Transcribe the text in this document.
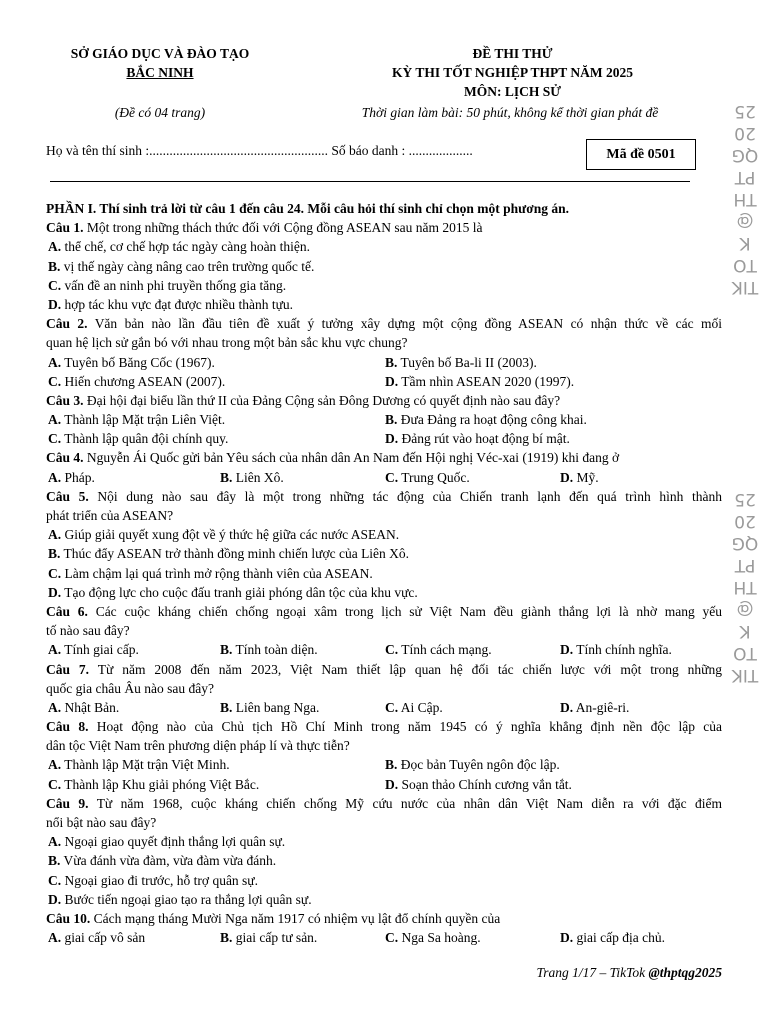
SỞ GIÁO DỤC VÀ ĐÀO TẠO
BẮC NINH
(Đề có 04 trang)
ĐỀ THI THỬ
KỲ THI TỐT NGHIỆP THPT NĂM 2025
MÔN: LỊCH SỬ
Thời gian làm bài: 50 phút, không kể thời gian phát đề
Họ và tên thí sinh :..................................................... Số báo danh : ...................	Mã đề 0501
PHẦN I. Thí sinh trả lời từ câu 1 đến câu 24. Mỗi câu hỏi thí sinh chỉ chọn một phương án.
Câu 1. Một trong những thách thức đối với Cộng đồng ASEAN sau năm 2015 là
A. thể chế, cơ chế hợp tác ngày càng hoàn thiện.
B. vị thế ngày càng nâng cao trên trường quốc tế.
C. vấn đề an ninh phi truyền thống gia tăng.
D. hợp tác khu vực đạt được nhiều thành tựu.
Câu 2. Văn bản nào lần đầu tiên đề xuất ý tưởng xây dựng một cộng đồng ASEAN có nhận thức về các mối
quan hệ lịch sử gắn bó với nhau trong một bản sắc khu vực chung?
A. Tuyên bố Băng Cốc (1967).	B. Tuyên bố Ba-li II (2003).
C. Hiến chương ASEAN (2007).	D. Tầm nhìn ASEAN 2020 (1997).
Câu 3. Đại hội đại biểu lần thứ II của Đảng Cộng sản Đông Dương có quyết định nào sau đây?
A. Thành lập Mặt trận Liên Việt.	B. Đưa Đảng ra hoạt động công khai.
C. Thành lập quân đội chính quy.	D. Đảng rút vào hoạt động bí mật.
Câu 4. Nguyễn Ái Quốc gửi bản Yêu sách của nhân dân An Nam đến Hội nghị Véc-xai (1919) khi đang ở
A. Pháp.	B. Liên Xô.	C. Trung Quốc.	D. Mỹ.
Câu 5. Nội dung nào sau đây là một trong những tác động của Chiến tranh lạnh đến quá trình hình thành
phát triển của ASEAN?
A. Giúp giải quyết xung đột về ý thức hệ giữa các nước ASEAN.
B. Thúc đẩy ASEAN trở thành đồng minh chiến lược của Liên Xô.
C. Làm chậm lại quá trình mở rộng thành viên của ASEAN.
D. Tạo động lực cho cuộc đấu tranh giải phóng dân tộc của khu vực.
Câu 6. Các cuộc kháng chiến chống ngoại xâm trong lịch sử Việt Nam đều giành thắng lợi là nhờ mang yếu
tố nào sau đây?
A. Tính giai cấp.	B. Tính toàn diện.	C. Tính cách mạng.	D. Tính chính nghĩa.
Câu 7. Từ năm 2008 đến năm 2023, Việt Nam thiết lập quan hệ đối tác chiến lược với một trong những
quốc gia châu Âu nào sau đây?
A. Nhật Bản.	B. Liên bang Nga.	C. Ai Cập.	D. An-giê-ri.
Câu 8. Hoạt động nào của Chủ tịch Hồ Chí Minh trong năm 1945 có ý nghĩa khẳng định nền độc lập của
dân tộc Việt Nam trên phương diện pháp lí và thực tiễn?
A. Thành lập Mặt trận Việt Minh.	B. Đọc bản Tuyên ngôn độc lập.
C. Thành lập Khu giải phóng Việt Bắc.	D. Soạn thảo Chính cương vắn tắt.
Câu 9. Từ năm 1968, cuộc kháng chiến chống Mỹ cứu nước của nhân dân Việt Nam diễn ra với đặc điểm
nổi bật nào sau đây?
A. Ngoại giao quyết định thắng lợi quân sự.
B. Vừa đánh vừa đàm, vừa đàm vừa đánh.
C. Ngoại giao đi trước, hỗ trợ quân sự.
D. Bước tiến ngoại giao tạo ra thắng lợi quân sự.
Câu 10. Cách mạng tháng Mười Nga năm 1917 có nhiệm vụ lật đổ chính quyền của
A. giai cấp vô sản	B. giai cấp tư sản.	C. Nga Sa hoàng.	D. giai cấp địa chủ.
TIK
TO
K
@
TH
PT
QG
20
25
TIK
TO
K
@
TH
PT
QG
20
25
Trang 1/17 – TikTok @thptqg2025
